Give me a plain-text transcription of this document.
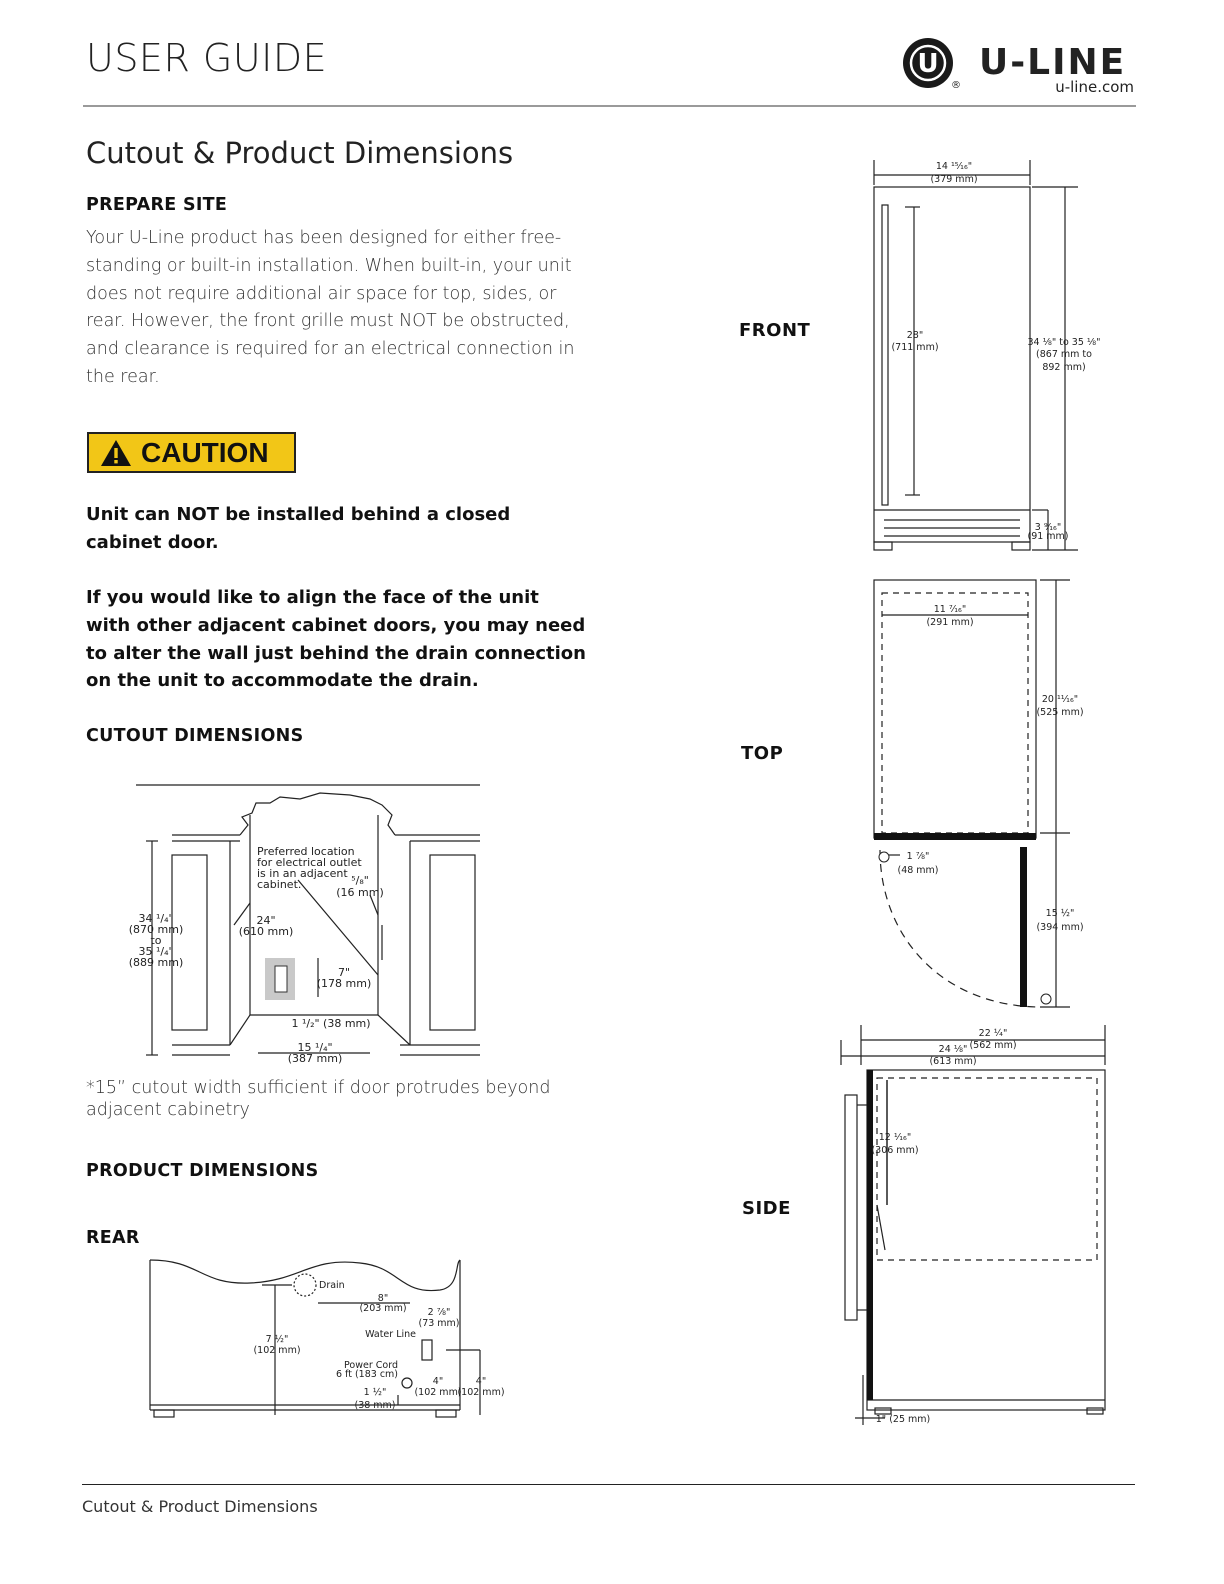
USER GUIDE	U
®
U-LINE
u-line.com
Cutout & Product Dimensions
PREPARE SITE
Your U-Line product has been designed for either free-
standing or built-in installation. When built-in, your unit
does not require additional air space for top, sides, or
rear. However, the front grille must NOT be obstructed,
and clearance is required for an electrical connection in
the rear.
CAUTION
Unit can NOT be installed behind a closed
cabinet door.
If you would like to align the face of the unit
with other adjacent cabinet doors, you may need
to alter the wall just behind the drain connection
on the unit to accommodate the drain.
CUTOUT DIMENSIONS
Preferred location
for electrical outlet
is in an adjacent
cabinet.
34 ¹/₄"
(870 mm)
to
35 ¹/₄"
(889 mm)
24"
(610 mm)
⁵/₈"
(16 mm)
7"
(178 mm)
1 ¹/₂" (38 mm)
15 ¹/₄"
(387 mm)
*15” cutout width sufficient if door protrudes beyond
adjacent cabinetry
PRODUCT DIMENSIONS
REAR
Drain
8"
(203 mm)
7 ½"
(102 mm)
2 ⅞"
(73 mm)
Water Line
Power Cord
6 ft (183 cm)
1 ½"
(38 mm)
4"
(102 mm)
4"
(102 mm)
FRONT
TOP
SIDE
14 ¹⁵⁄₁₆"
(379 mm)
28"
(711 mm)	34 ⅛" to 35 ⅛"
(867 mm to
892 mm)
3 ⁹⁄₁₆"
(91 mm)
11 ⁷⁄₁₆"
(291 mm)
20 ¹¹⁄₁₆"
(525 mm)
1 ⅞"
(48 mm)
15 ½"
(394 mm)
22 ¼"
(562 mm)
24 ⅛"
(613 mm)
12 ¹⁄₁₆"
(306 mm)
1" (25 mm)
Cutout & Product Dimensions
